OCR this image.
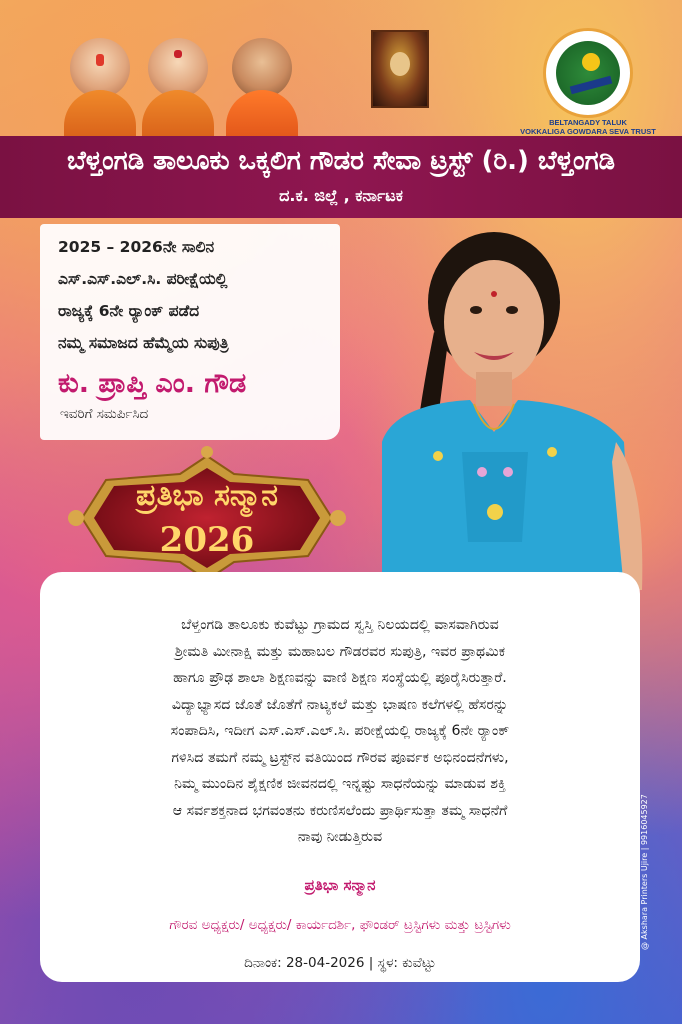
BELTANGADY TALUK
VOKKALIGA GOWDARA SEVA TRUST
ಬೆಳ್ತಂಗಡಿ ತಾಲೂಕು ಒಕ್ಕಲಿಗ ಗೌಡರ ಸೇವಾ ಟ್ರಸ್ಟ್ (ರಿ.) ಬೆಳ್ತಂಗಡಿ
ದ.ಕ. ಜಿಲ್ಲೆ , ಕರ್ನಾಟಕ
2025 – 2026ನೇ ಸಾಲಿನ
ಎಸ್.ಎಸ್.ಎಲ್.ಸಿ. ಪರೀಕ್ಷೆಯಲ್ಲಿ
ರಾಜ್ಯಕ್ಕೆ 6ನೇ ರ್‍ಯಾಂಕ್ ಪಡೆದ
ನಮ್ಮ ಸಮಾಜದ ಹೆಮ್ಮೆಯ ಸುಪುತ್ರಿ
ಕು. ಪ್ರಾಪ್ತಿ ಎಂ. ಗೌಡ
ಇವರಿಗೆ ಸಮರ್ಪಿಸಿದ
ಪ್ರತಿಭಾ ಸನ್ಮಾನ
2026
ಬೆಳ್ತಂಗಡಿ ತಾಲೂಕು ಕುವೆಟ್ಟು ಗ್ರಾಮದ ಸ್ವಸ್ತಿ ನಿಲಯದಲ್ಲಿ ವಾಸವಾಗಿರುವ
ಶ್ರೀಮತಿ ಮೀನಾಕ್ಷಿ ಮತ್ತು ಮಹಾಬಲ ಗೌಡರವರ ಸುಪುತ್ರಿ, ಇವರ ಪ್ರಾಥಮಿಕ
ಹಾಗೂ ಪ್ರೌಢ ಶಾಲಾ ಶಿಕ್ಷಣವನ್ನು ವಾಣಿ ಶಿಕ್ಷಣ ಸಂಸ್ಥೆಯಲ್ಲಿ ಪೂರೈಸಿರುತ್ತಾರೆ.
ವಿದ್ಯಾಭ್ಯಾಸದ ಜೊತೆ ಜೊತೆಗೆ ನಾಟ್ಯಕಲೆ ಮತ್ತು ಭಾಷಣ ಕಲೆಗಳಲ್ಲಿ ಹೆಸರನ್ನು
ಸಂಪಾದಿಸಿ, ಇದೀಗ ಎಸ್.ಎಸ್.ಎಲ್.ಸಿ. ಪರೀಕ್ಷೆಯಲ್ಲಿ ರಾಜ್ಯಕ್ಕೆ 6ನೇ ರ್‍ಯಾಂಕ್
ಗಳಿಸಿದ ತಮಗೆ ನಮ್ಮ ಟ್ರಸ್ಟ್‌ನ ವತಿಯಿಂದ ಗೌರವ ಪೂರ್ವಕ ಅಭಿನಂದನೆಗಳು,
ನಿಮ್ಮ ಮುಂದಿನ ಶೈಕ್ಷಣಿಕ ಜೀವನದಲ್ಲಿ ಇನ್ನಷ್ಟು ಸಾಧನೆಯನ್ನು ಮಾಡುವ ಶಕ್ತಿ
ಆ ಸರ್ವಶಕ್ತನಾದ ಭಗವಂತನು ಕರುಣಿಸಲೆಂದು ಪ್ರಾರ್ಥಿಸುತ್ತಾ ತಮ್ಮ ಸಾಧನೆಗೆ
ನಾವು ನೀಡುತ್ತಿರುವ
ಪ್ರತಿಭಾ ಸನ್ಮಾನ
ಗೌರವ ಅಧ್ಯಕ್ಷರು/ ಅಧ್ಯಕ್ಷರು/ ಕಾರ್ಯದರ್ಶಿ, ಫೌಂಡರ್ ಟ್ರಸ್ಟಿಗಳು ಮತ್ತು ಟ್ರಸ್ಟಿಗಳು
ದಿನಾಂಕ: 28-04-2026 | ಸ್ಥಳ: ಕುವೆಟ್ಟು
@ Akshara Printers Ujire | 9916045927
